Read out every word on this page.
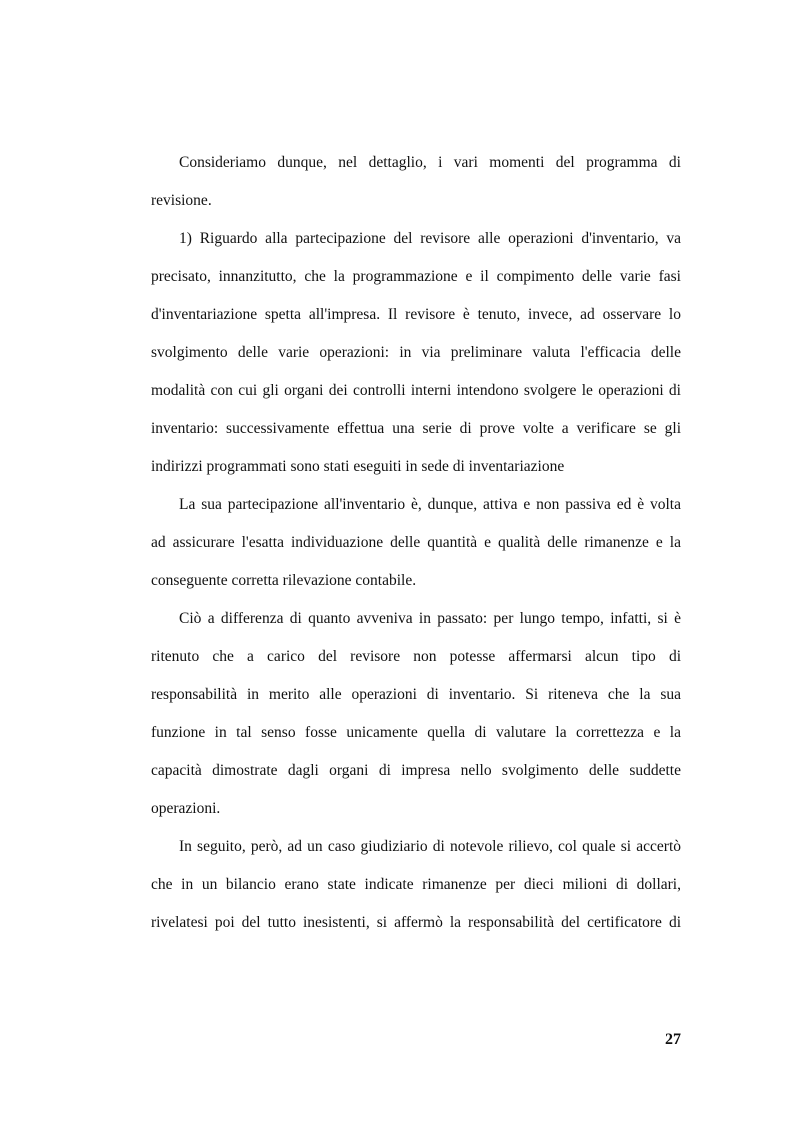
Consideriamo dunque, nel dettaglio, i vari momenti del programma di
revisione.
1) Riguardo alla partecipazione del revisore alle operazioni d'inventario, va
precisato, innanzitutto, che la programmazione e il compimento delle varie fasi
d'inventariazione spetta all'impresa. Il revisore è tenuto, invece, ad osservare lo
svolgimento delle varie operazioni: in via preliminare valuta l'efficacia delle
modalità con cui gli organi dei controlli interni intendono svolgere le operazioni di
inventario: successivamente effettua una serie di prove volte a verificare se gli
indirizzi programmati sono stati eseguiti in sede di inventariazione
La sua partecipazione all'inventario è, dunque, attiva e non passiva ed è volta
ad assicurare l'esatta individuazione delle quantità e qualità delle rimanenze e la
conseguente corretta rilevazione contabile.
Ciò a differenza di quanto avveniva in passato: per lungo tempo, infatti, si è
ritenuto che a carico del revisore non potesse affermarsi alcun tipo di
responsabilità in merito alle operazioni di inventario. Si riteneva che la sua
funzione in tal senso fosse unicamente quella di valutare la correttezza e la
capacità dimostrate dagli organi di impresa nello svolgimento delle suddette
operazioni.
In seguito, però, ad un caso giudiziario di notevole rilievo, col quale si accertò
che in un bilancio erano state indicate rimanenze per dieci milioni di dollari,
rivelatesi poi del tutto inesistenti, si affermò la responsabilità del certificatore di
27
